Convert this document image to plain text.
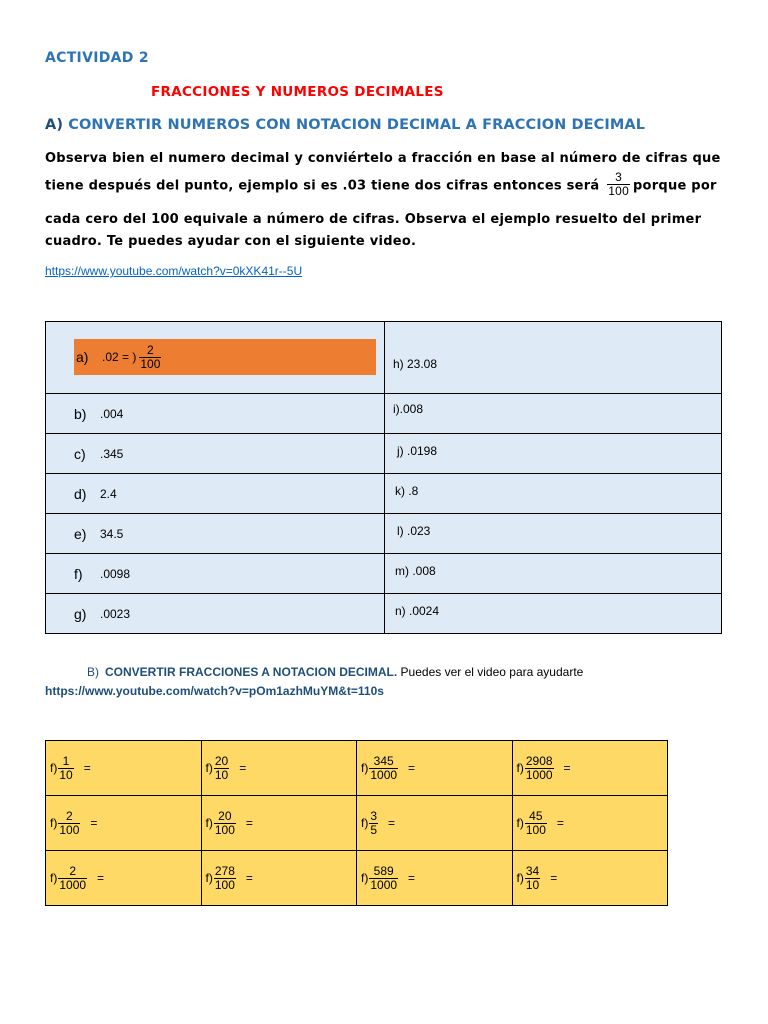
ACTIVIDAD 2
FRACCIONES Y NUMEROS DECIMALES
A) CONVERTIR NUMEROS CON NOTACION DECIMAL A FRACCION DECIMAL
Observa bien el numero decimal y conviértelo a fracción en base al número de cifras que
tiene después del punto, ejemplo si es .03 tiene dos cifras entonces será $\frac{3}{100}$ porque por
cada cero del 100 equivale a número de cifras. Observa el ejemplo resuelto del primer
cuadro. Te puedes ayudar con el siguiente video.
https://www.youtube.com/watch?v=0kXK41r--5U
a) .02 = ) $\frac{2}{100}$	h) 23.08

b) .004	i).008

c) .345	j) .0198

d) 2.4	k) .8

e) 34.5	l) .023

f) .0098	m) .008

g) .0023	n) .0024
B) CONVERTIR FRACCIONES A NOTACION DECIMAL. Puedes ver el video para ayudarte
https://www.youtube.com/watch?v=pOm1azhMuYM&t=110s
$f) \frac{1}{10}$ =	$f) \frac{20}{10}$ =	$f) \frac{345}{1000}$ =	$f) \frac{2908}{1000}$ =

$f) \frac{2}{100}$ =	$f) \frac{20}{100}$ =	$f) \frac{3}{5}$ =	$f) \frac{45}{100}$ =

$f) \frac{2}{1000}$ =	$f) \frac{278}{100}$ =	$f) \frac{589}{1000}$ =	$f) \frac{34}{10}$ =
